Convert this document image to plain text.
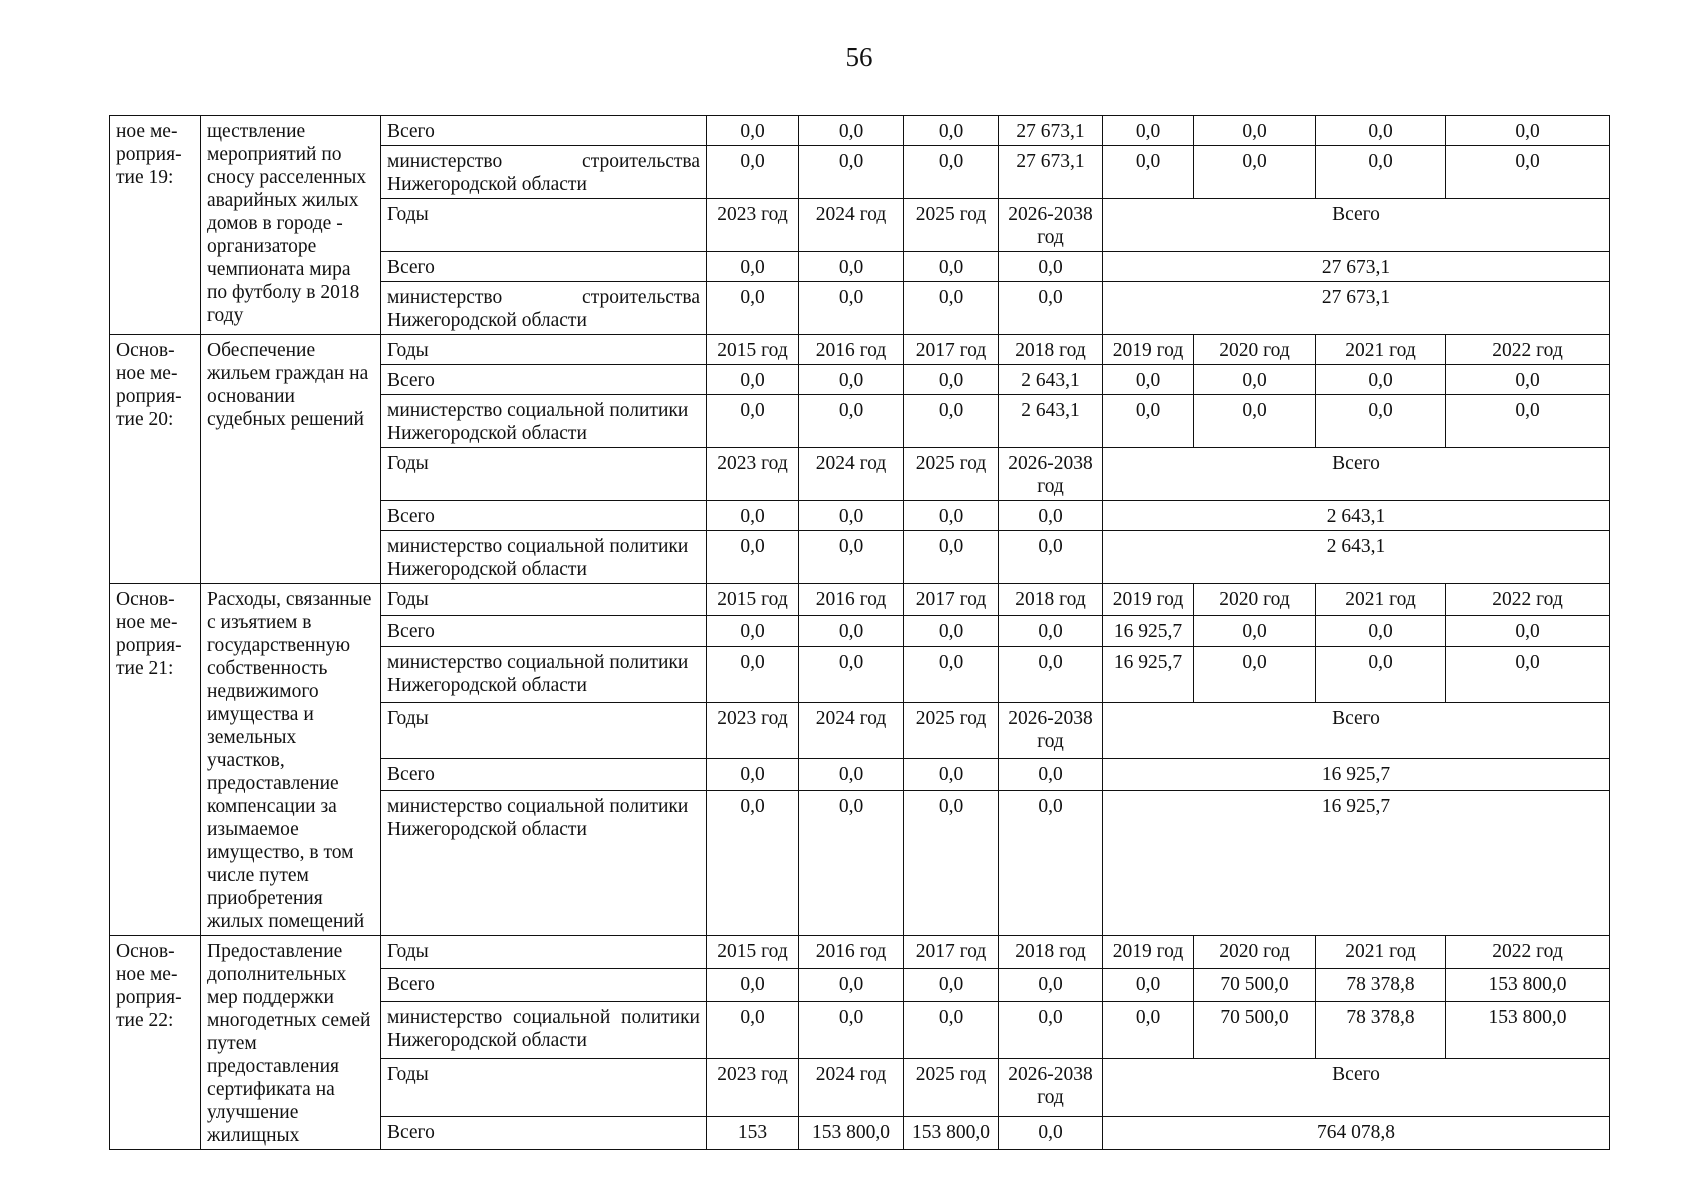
56
ное ме-роприя-тие 19:	ществление мероприятий по сносу расселенных аварийных жилых домов в городе - организаторе чемпионата мира по футболу в 2018 году	Всего	0,0	0,0	0,0	27 673,1	0,0	0,0	0,0	0,0
		министерство строительства Нижегородской области	0,0	0,0	0,0	27 673,1	0,0	0,0	0,0	0,0
		Годы	2023 год	2024 год	2025 год	2026-2038 год	Всего			
		Всего	0,0	0,0	0,0	0,0	27 673,1			
		министерство строительства Нижегородской области	0,0	0,0	0,0	0,0	27 673,1			
Основ-ное ме-роприя-тие 20:	Обеспечение жильем граждан на основании судебных решений	Годы	2015 год	2016 год	2017 год	2018 год	2019 год	2020 год	2021 год	2022 год
		Всего	0,0	0,0	0,0	2 643,1	0,0	0,0	0,0	0,0
		министерство социальной политики Нижегородской области	0,0	0,0	0,0	2 643,1	0,0	0,0	0,0	0,0
		Годы	2023 год	2024 год	2025 год	2026-2038 год	Всего			
		Всего	0,0	0,0	0,0	0,0	2 643,1			
		министерство социальной политики Нижегородской области	0,0	0,0	0,0	0,0	2 643,1			
Основ-ное ме-роприя-тие 21:	Расходы, связанные с изъятием в государственную собственность недвижимого имущества и земельных участков, предоставление компенсации за изымаемое имущество, в том числе путем приобретения жилых помещений	Годы	2015 год	2016 год	2017 год	2018 год	2019 год	2020 год	2021 год	2022 год
		Всего	0,0	0,0	0,0	0,0	16 925,7	0,0	0,0	0,0
		министерство социальной политики Нижегородской области	0,0	0,0	0,0	0,0	16 925,7	0,0	0,0	0,0
		Годы	2023 год	2024 год	2025 год	2026-2038 год	Всего			
		Всего	0,0	0,0	0,0	0,0	16 925,7			
		министерство социальной политики Нижегородской области	0,0	0,0	0,0	0,0	16 925,7			
Основ-ное ме-роприя-тие 22:	Предоставление дополнительных мер поддержки многодетных семей путем предоставления сертификата на улучшение жилищных	Годы	2015 год	2016 год	2017 год	2018 год	2019 год	2020 год	2021 год	2022 год
		Всего	0,0	0,0	0,0	0,0	0,0	70 500,0	78 378,8	153 800,0
		министерство социальной политики Нижегородской области	0,0	0,0	0,0	0,0	0,0	70 500,0	78 378,8	153 800,0
		Годы	2023 год	2024 год	2025 год	2026-2038 год	Всего			
		Всего	153	153 800,0	153 800,0	0,0	764 078,8			
